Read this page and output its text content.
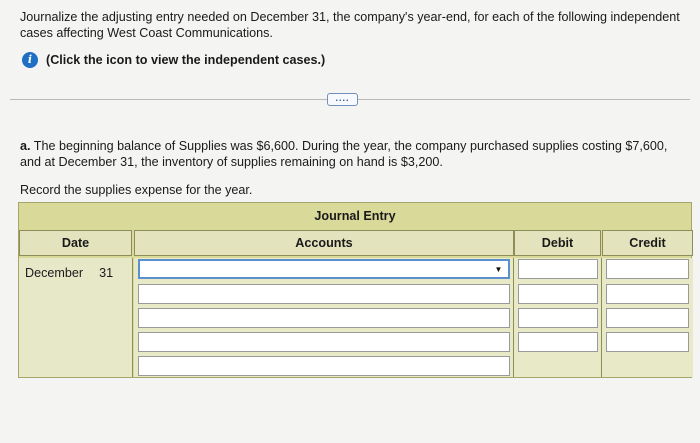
Journalize the adjusting entry needed on December 31, the company's year-end, for each of the following independent
cases affecting West Coast Communications.
i	(Click the icon to view the independent cases.)
....
a. The beginning balance of Supplies was $6,600. During the year, the company purchased supplies costing $7,600,
and at December 31, the inventory of supplies remaining on hand is $3,200.
Record the supplies expense for the year.
Journal Entry
Date	Accounts	Debit	Credit
December 31	▼
